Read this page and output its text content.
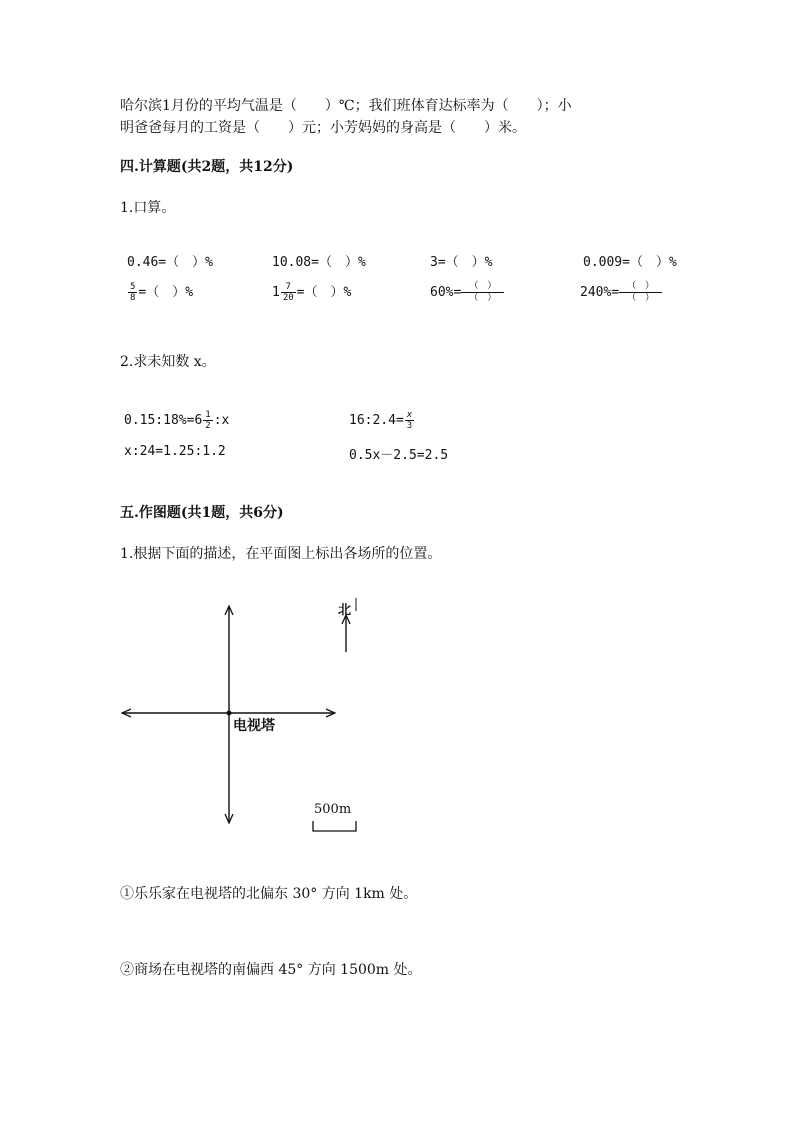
哈尔滨1月份的平均气温是（　　）℃；我们班体育达标率为（　　）；小
明爸爸每月的工资是（　　）元；小芳妈妈的身高是（　　）米。
四.计算题(共2题，共12分)
1.口算。
0.46=（　）%	10.08=（　）%	3=（　）%	0.009=（　）%
$\frac{5}{8}$ =（　）%	$1 \frac{7}{20}$ =（　）%	$60\%= \frac{( )}{( )}$	$240\%= \frac{( )}{( )}$
2.求未知数 x。
0.15:18%=6 $\frac{1}{2}$ :x	16:2.4= $\frac{x}{3}$
x:24=1.25:1.2	0.5x－2.5=2.5
五.作图题(共1题，共6分)
1.根据下面的描述，在平面图上标出各场所的位置。
北
电视塔
500m
①乐乐家在电视塔的北偏东 30° 方向 1km 处。
②商场在电视塔的南偏西 45° 方向 1500m 处。
